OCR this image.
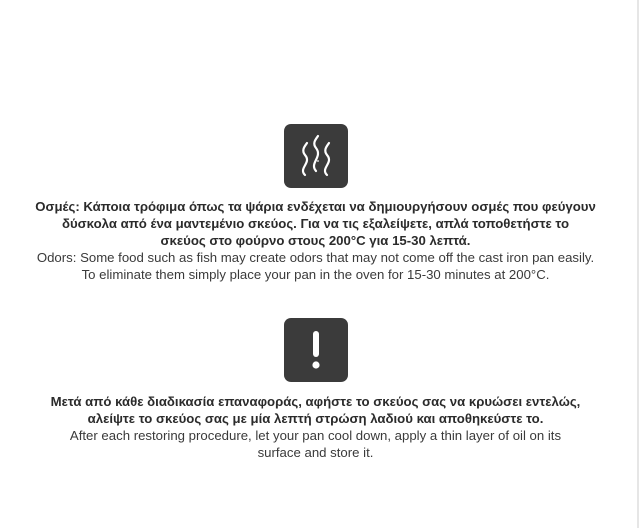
Οσμές: Κάποια τρόφιμα όπως τα ψάρια ενδέχεται να δημιουργήσουν οσμές που φεύγουν
δύσκολα από ένα μαντεμένιο σκεύος. Για να τις εξαλείψετε, απλά τοποθετήστε το
σκεύος στο φούρνο στους 200°C για 15-30 λεπτά.

Odors: Some food such as fish may create odors that may not come off the cast iron pan easily.
To eliminate them simply place your pan in the oven for 15-30 minutes at 200°C.

Μετά από κάθε διαδικασία επαναφοράς, αφήστε το σκεύος σας να κρυώσει εντελώς,
αλείψτε το σκεύος σας με μία λεπτή στρώση λαδιού και αποθηκεύστε το.

After each restoring procedure, let your pan cool down, apply a thin layer of oil on its
surface and store it.
